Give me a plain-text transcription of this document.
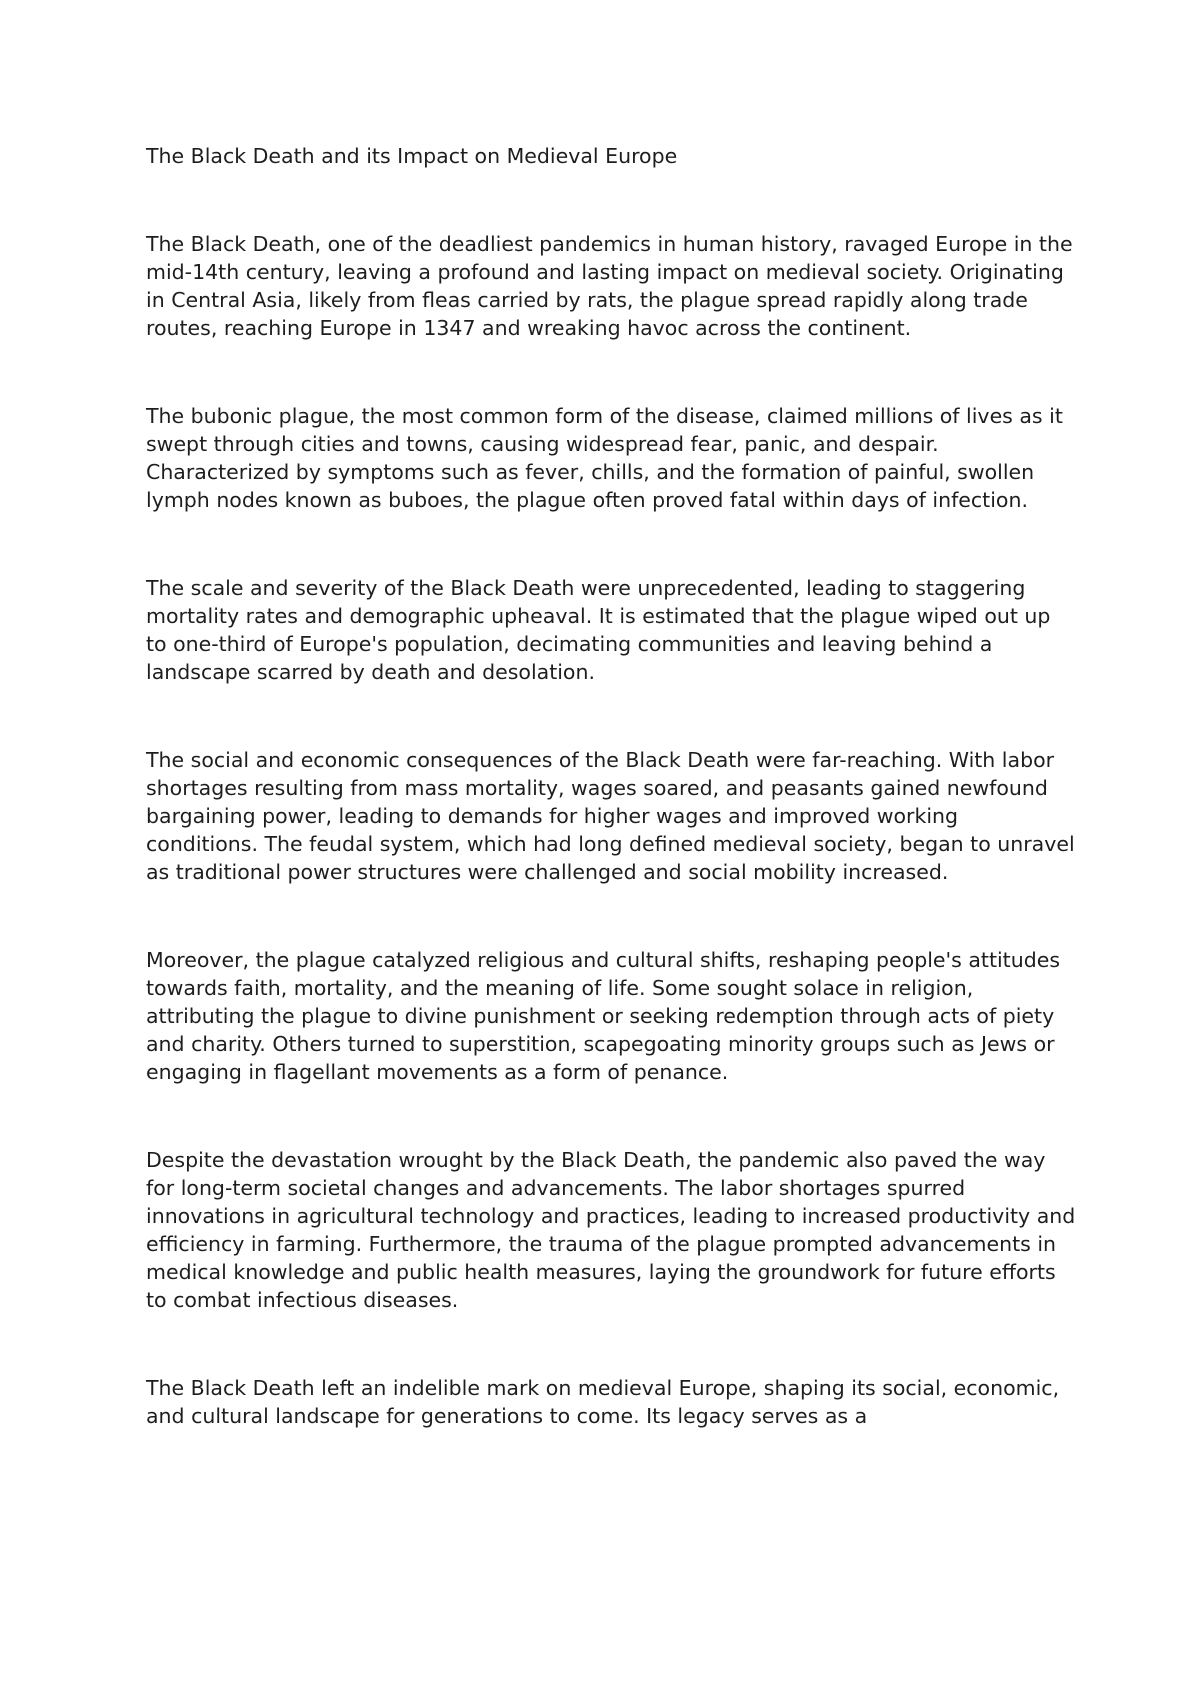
The Black Death and its Impact on Medieval Europe

The Black Death, one of the deadliest pandemics in human history, ravaged Europe in the mid-14th century, leaving a profound and lasting impact on medieval society. Originating in Central Asia, likely from fleas carried by rats, the plague spread rapidly along trade routes, reaching Europe in 1347 and wreaking havoc across the continent.

The bubonic plague, the most common form of the disease, claimed millions of lives as it swept through cities and towns, causing widespread fear, panic, and despair. Characterized by symptoms such as fever, chills, and the formation of painful, swollen lymph nodes known as buboes, the plague often proved fatal within days of infection.

The scale and severity of the Black Death were unprecedented, leading to staggering mortality rates and demographic upheaval. It is estimated that the plague wiped out up to one-third of Europe's population, decimating communities and leaving behind a landscape scarred by death and desolation.

The social and economic consequences of the Black Death were far-reaching. With labor shortages resulting from mass mortality, wages soared, and peasants gained newfound bargaining power, leading to demands for higher wages and improved working conditions. The feudal system, which had long defined medieval society, began to unravel as traditional power structures were challenged and social mobility increased.

Moreover, the plague catalyzed religious and cultural shifts, reshaping people's attitudes towards faith, mortality, and the meaning of life. Some sought solace in religion, attributing the plague to divine punishment or seeking redemption through acts of piety and charity. Others turned to superstition, scapegoating minority groups such as Jews or engaging in flagellant movements as a form of penance.

Despite the devastation wrought by the Black Death, the pandemic also paved the way for long-term societal changes and advancements. The labor shortages spurred innovations in agricultural technology and practices, leading to increased productivity and efficiency in farming. Furthermore, the trauma of the plague prompted advancements in medical knowledge and public health measures, laying the groundwork for future efforts to combat infectious diseases.

The Black Death left an indelible mark on medieval Europe, shaping its social, economic, and cultural landscape for generations to come. Its legacy serves as a
